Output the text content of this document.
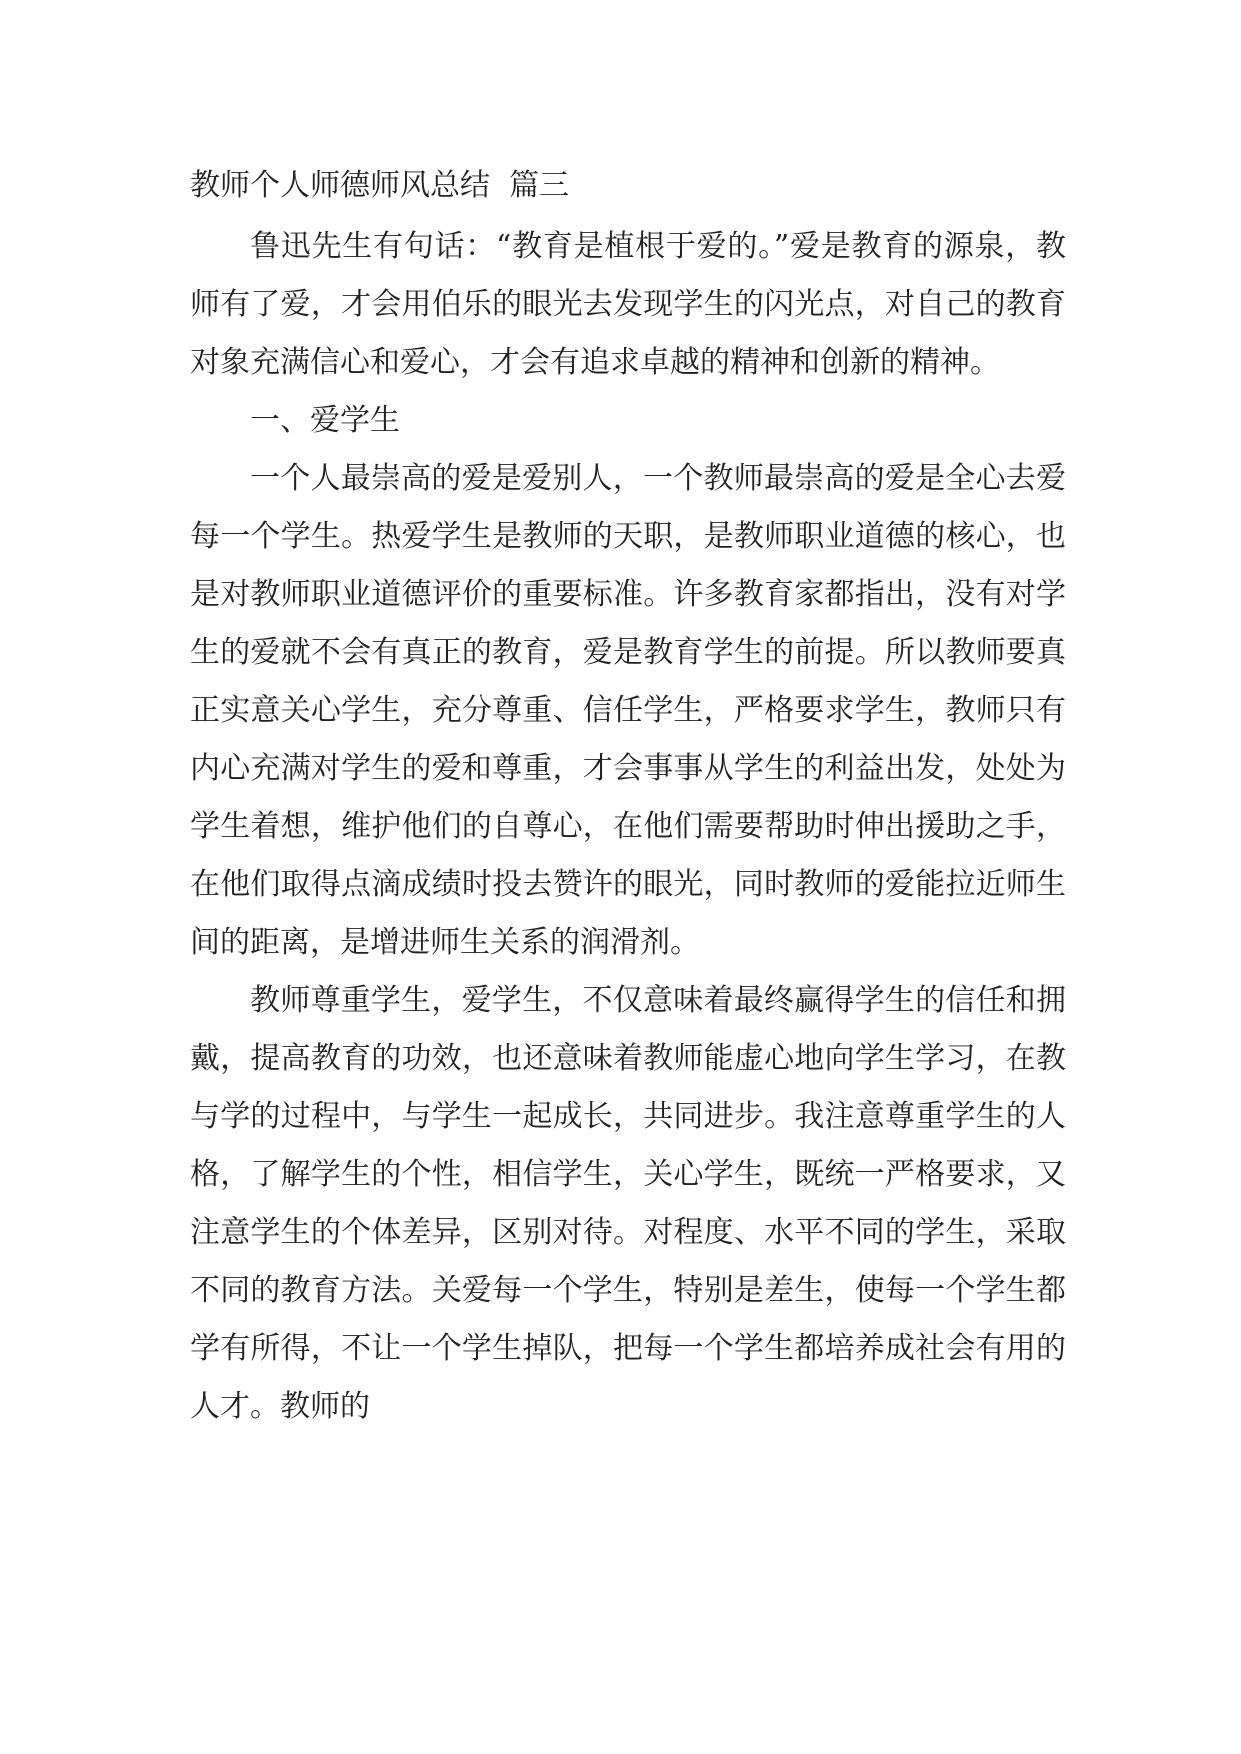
教师个人师德师风总结  篇三

鲁迅先生有句话：“教育是植根于爱的。”爱是教育的源泉，教师有了爱，才会用伯乐的眼光去发现学生的闪光点，对自己的教育对象充满信心和爱心，才会有追求卓越的精神和创新的精神。

一、爱学生

一个人最崇高的爱是爱别人，一个教师最崇高的爱是全心去爱每一个学生。热爱学生是教师的天职，是教师职业道德的核心，也是对教师职业道德评价的重要标准。许多教育家都指出，没有对学生的爱就不会有真正的教育，爱是教育学生的前提。所以教师要真正实意关心学生，充分尊重、信任学生，严格要求学生，教师只有内心充满对学生的爱和尊重，才会事事从学生的利益出发，处处为学生着想，维护他们的自尊心，在他们需要帮助时伸出援助之手，在他们取得点滴成绩时投去赞许的眼光，同时教师的爱能拉近师生间的距离，是增进师生关系的润滑剂。

教师尊重学生，爱学生，不仅意味着最终赢得学生的信任和拥戴，提高教育的功效，也还意味着教师能虚心地向学生学习，在教与学的过程中，与学生一起成长，共同进步。我注意尊重学生的人格，了解学生的个性，相信学生，关心学生，既统一严格要求，又注意学生的个体差异，区别对待。对程度、水平不同的学生，采取不同的教育方法。关爱每一个学生，特别是差生，使每一个学生都学有所得，不让一个学生掉队，把每一个学生都培养成社会有用的人才。教师的
